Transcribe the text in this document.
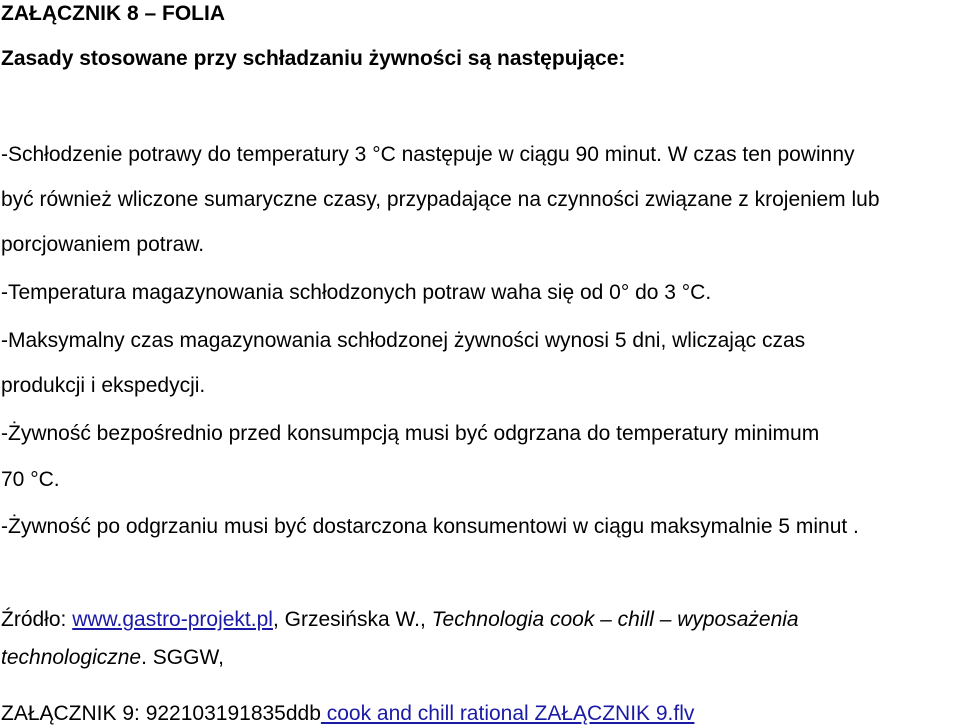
ZAŁĄCZNIK 8 – FOLIA
Zasady stosowane przy schładzaniu żywności są następujące:
-Schłodzenie potrawy do temperatury 3 °C następuje w ciągu 90 minut. W czas ten powinny
być również wliczone sumaryczne czasy, przypadające na czynności związane z krojeniem lub
porcjowaniem potraw.
-Temperatura magazynowania schłodzonych potraw waha się od 0° do 3 °C.
-Maksymalny czas magazynowania schłodzonej żywności wynosi 5 dni, wliczając czas
produkcji i ekspedycji.
-Żywność bezpośrednio przed konsumpcją musi być odgrzana do temperatury minimum
70 °C.
-Żywność po odgrzaniu musi być dostarczona konsumentowi w ciągu maksymalnie 5 minut .
Źródło: www.gastro-projekt.pl, Grzesińska W., Technologia cook – chill – wyposażenia
technologiczne. SGGW,
ZAŁĄCZNIK 9: 922103191835ddb cook and chill rational ZAŁĄCZNIK 9.flv
